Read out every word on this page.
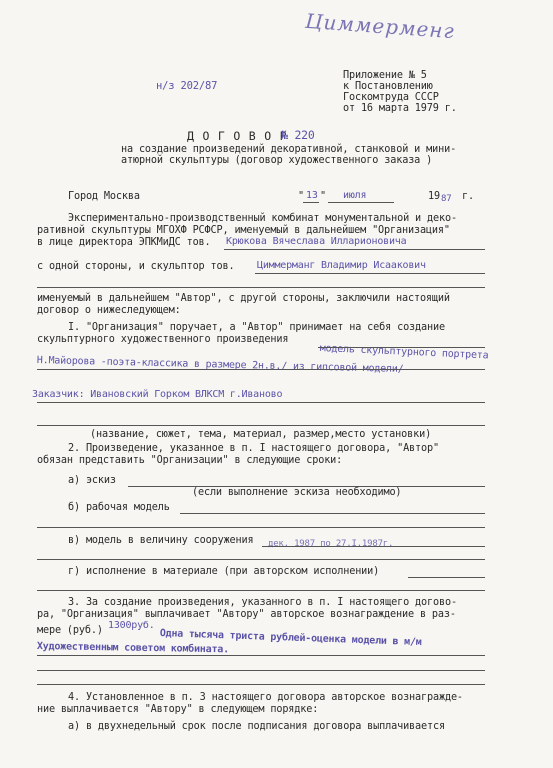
Циммерменг
н/з 202/87
Приложение № 5
к Постановлению
Госкомтруда СССР
от 16 марта 1979 г.
Д О Г О В О Р
№ 220
на создание произведений декоративной, станковой и мини-
атюрной скульптуры (договор художественного заказа )
Город Москва	" 13 " июля	19 87 г.
Экспериментально-производственный комбинат монументальной и деко-
ративной скульптуры МГОХФ РСФСР, именуемый в дальнейшем "Организация"
в лице директора ЭПКМиДС тов. Крюкова Вячеслава Илларионовича
с одной стороны, и скульптор тов. Циммерманг Владимир Исаакович
именуемый в дальнейшем "Автор", с другой стороны, заключили настоящий
договор о нижеследующем:
I. "Организация" поручает, а "Автор" принимает на себя создание
скульптурного художественного произведения
модель скульптурного портрета
Н.Майорова -поэта-классика в размере 2н.в./ из гипсовой модели/
Заказчик: Ивановский Горком ВЛКСМ г.Иваново
(название, сюжет, тема, материал, размер,место установки)
2. Произведение, указанное в п. I настоящего договора, "Автор"
обязан представить "Организации" в следующие сроки:
а) эскиз
(если выполнение эскиза необходимо)
б) рабочая модель
в) модель в величину сооружения дек. 1987 по 27.I.1987г.
г) исполнение в материале (при авторском исполнении)
3. За создание произведения, указанного в п. I настоящего догово-
ра, "Организация" выплачивает "Автору" авторское вознаграждение в раз-
мере (руб.) 1300руб.
Одна тысяча триста рублей-оценка модели в м/м
Художественным советом комбината.
4. Установленное в п. 3 настоящего договора авторское вознагражде-
ние выплачивается "Автору" в следующем порядке:
а) в двухнедельный срок после подписания договора выплачивается
